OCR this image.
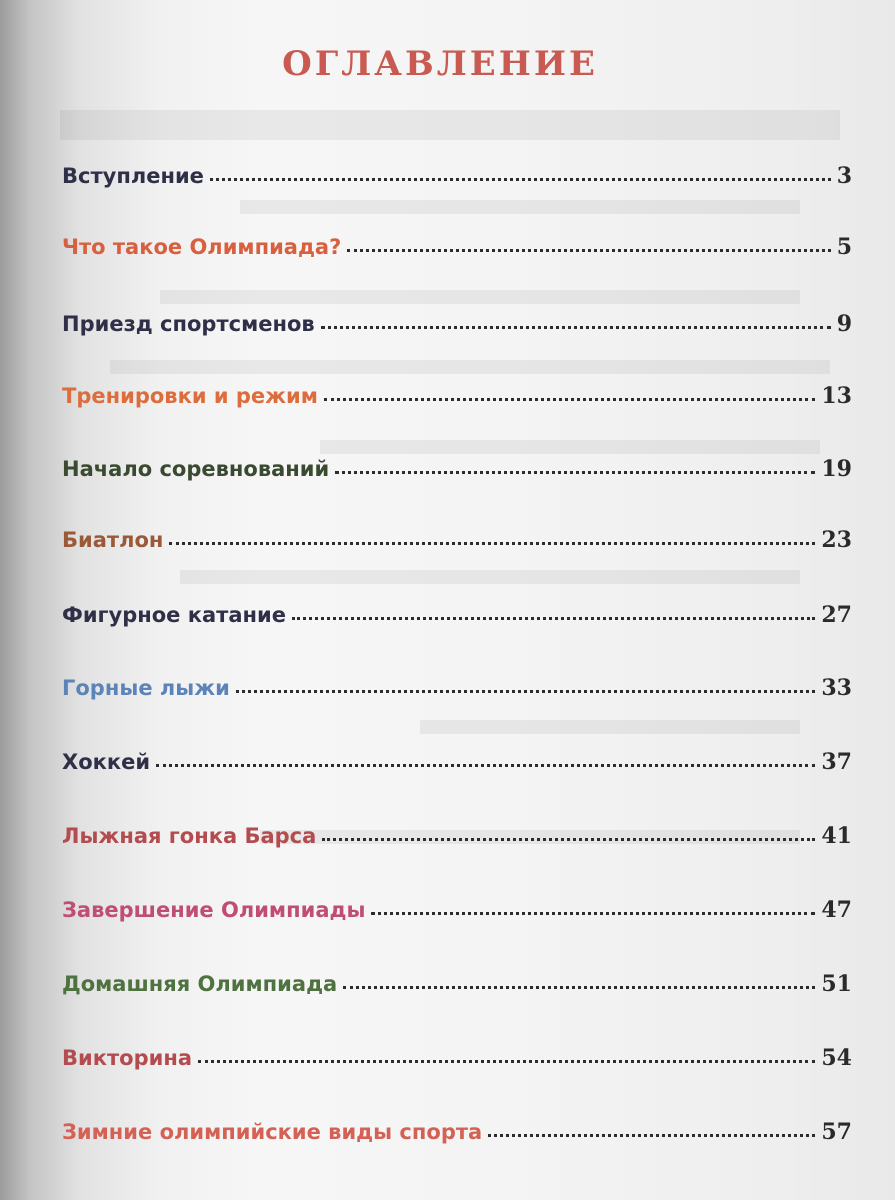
ОГЛАВЛЕНИЕ
Вступление	3
Что такое Олимпиада?	5
Приезд спортсменов	9
Тренировки и режим	13
Начало соревнований	19
Биатлон	23
Фигурное катание	27
Горные лыжи	33
Хоккей	37
Лыжная гонка Барса	41
Завершение Олимпиады	47
Домашняя Олимпиада	51
Викторина	54
Зимние олимпийские виды спорта	57
